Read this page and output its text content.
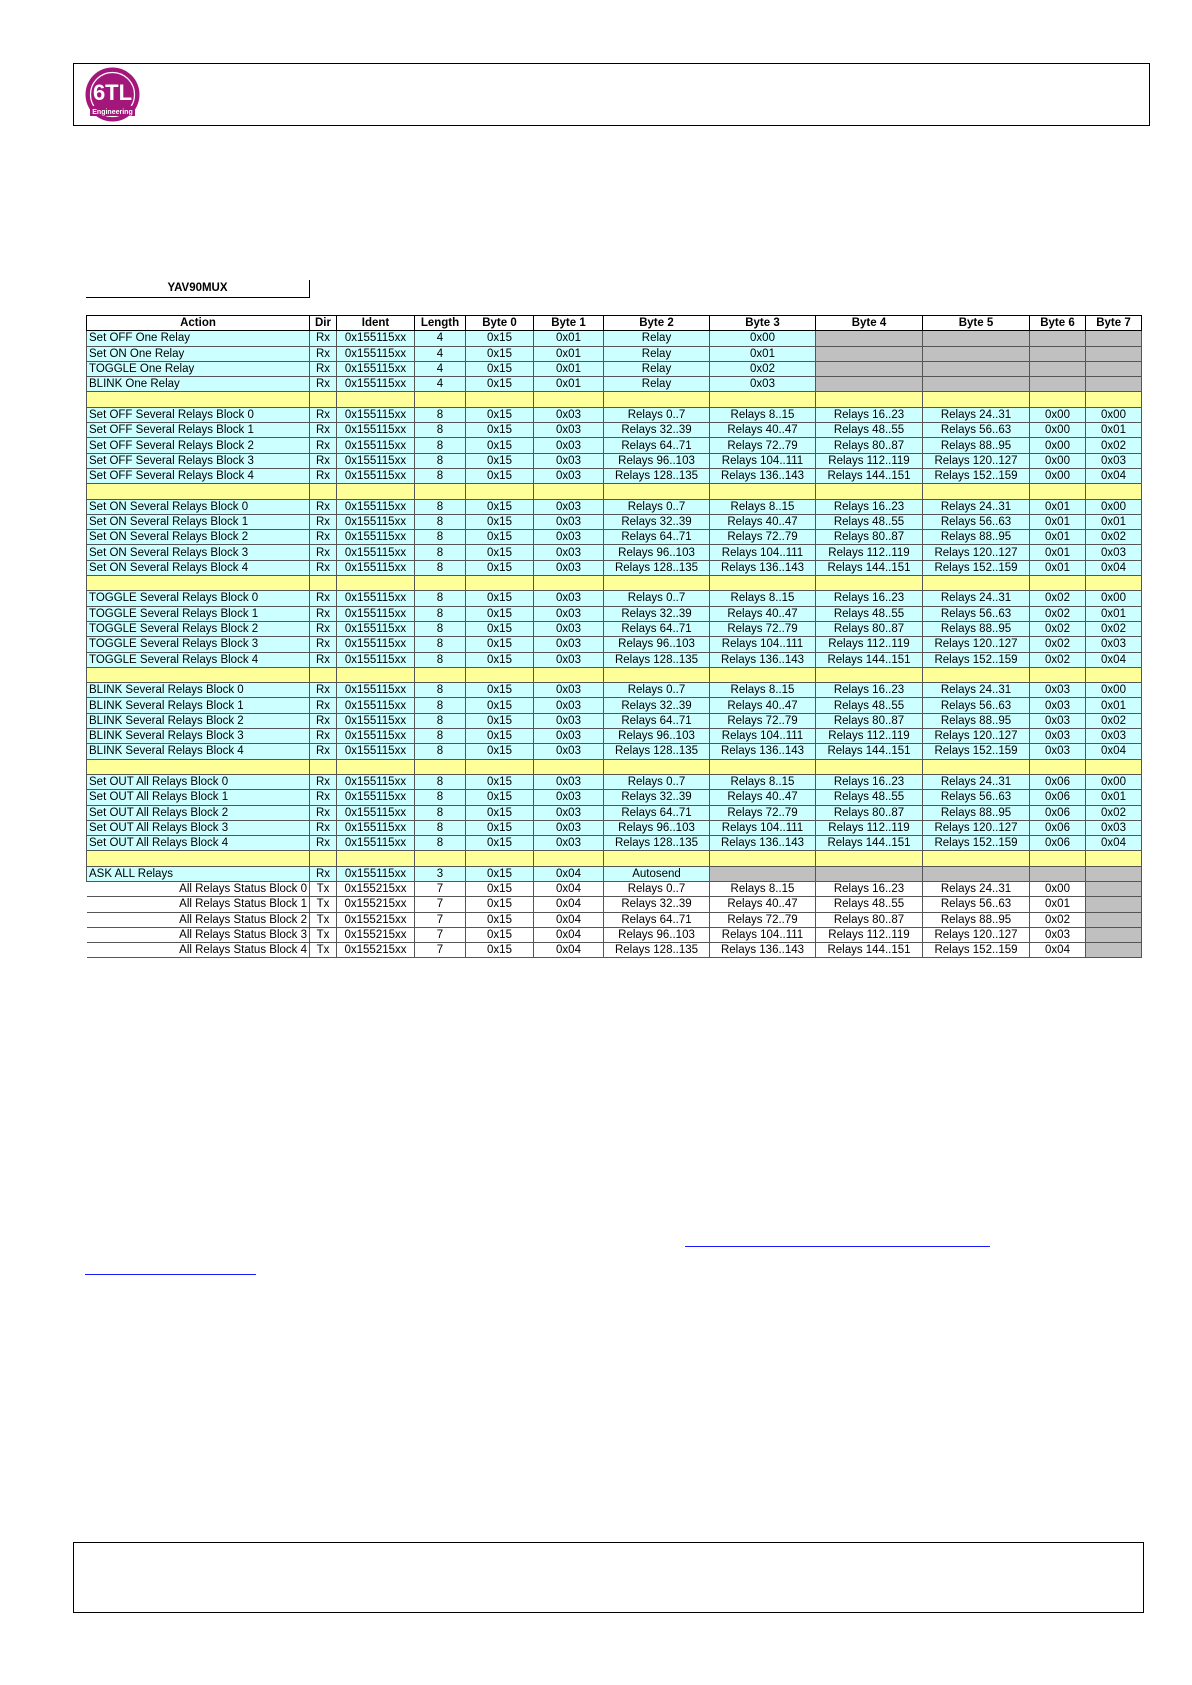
6TL
Engineering
YAV90MUX
Action	Dir	Ident	Length	Byte 0	Byte 1	Byte 2	Byte 3	Byte 4	Byte 5	Byte 6	Byte 7
Set OFF One Relay	Rx	0x155115xx	4	0x15	0x01	Relay	0x00				
Set ON One Relay	Rx	0x155115xx	4	0x15	0x01	Relay	0x01				
TOGGLE One Relay	Rx	0x155115xx	4	0x15	0x01	Relay	0x02				
BLINK One Relay	Rx	0x155115xx	4	0x15	0x01	Relay	0x03				

Set OFF Several Relays Block 0	Rx	0x155115xx	8	0x15	0x03	Relays 0..7	Relays 8..15	Relays 16..23	Relays 24..31	0x00	0x00
Set OFF Several Relays Block 1	Rx	0x155115xx	8	0x15	0x03	Relays 32..39	Relays 40..47	Relays 48..55	Relays 56..63	0x00	0x01
Set OFF Several Relays Block 2	Rx	0x155115xx	8	0x15	0x03	Relays 64..71	Relays 72..79	Relays 80..87	Relays 88..95	0x00	0x02
Set OFF Several Relays Block 3	Rx	0x155115xx	8	0x15	0x03	Relays 96..103	Relays 104..111	Relays 112..119	Relays 120..127	0x00	0x03
Set OFF Several Relays Block 4	Rx	0x155115xx	8	0x15	0x03	Relays 128..135	Relays 136..143	Relays 144..151	Relays 152..159	0x00	0x04

Set ON Several Relays Block 0	Rx	0x155115xx	8	0x15	0x03	Relays 0..7	Relays 8..15	Relays 16..23	Relays 24..31	0x01	0x00
Set ON Several Relays Block 1	Rx	0x155115xx	8	0x15	0x03	Relays 32..39	Relays 40..47	Relays 48..55	Relays 56..63	0x01	0x01
Set ON Several Relays Block 2	Rx	0x155115xx	8	0x15	0x03	Relays 64..71	Relays 72..79	Relays 80..87	Relays 88..95	0x01	0x02
Set ON Several Relays Block 3	Rx	0x155115xx	8	0x15	0x03	Relays 96..103	Relays 104..111	Relays 112..119	Relays 120..127	0x01	0x03
Set ON Several Relays Block 4	Rx	0x155115xx	8	0x15	0x03	Relays 128..135	Relays 136..143	Relays 144..151	Relays 152..159	0x01	0x04

TOGGLE Several Relays Block 0	Rx	0x155115xx	8	0x15	0x03	Relays 0..7	Relays 8..15	Relays 16..23	Relays 24..31	0x02	0x00
TOGGLE Several Relays Block 1	Rx	0x155115xx	8	0x15	0x03	Relays 32..39	Relays 40..47	Relays 48..55	Relays 56..63	0x02	0x01
TOGGLE Several Relays Block 2	Rx	0x155115xx	8	0x15	0x03	Relays 64..71	Relays 72..79	Relays 80..87	Relays 88..95	0x02	0x02
TOGGLE Several Relays Block 3	Rx	0x155115xx	8	0x15	0x03	Relays 96..103	Relays 104..111	Relays 112..119	Relays 120..127	0x02	0x03
TOGGLE Several Relays Block 4	Rx	0x155115xx	8	0x15	0x03	Relays 128..135	Relays 136..143	Relays 144..151	Relays 152..159	0x02	0x04

BLINK Several Relays Block 0	Rx	0x155115xx	8	0x15	0x03	Relays 0..7	Relays 8..15	Relays 16..23	Relays 24..31	0x03	0x00
BLINK Several Relays Block 1	Rx	0x155115xx	8	0x15	0x03	Relays 32..39	Relays 40..47	Relays 48..55	Relays 56..63	0x03	0x01
BLINK Several Relays Block 2	Rx	0x155115xx	8	0x15	0x03	Relays 64..71	Relays 72..79	Relays 80..87	Relays 88..95	0x03	0x02
BLINK Several Relays Block 3	Rx	0x155115xx	8	0x15	0x03	Relays 96..103	Relays 104..111	Relays 112..119	Relays 120..127	0x03	0x03
BLINK Several Relays Block 4	Rx	0x155115xx	8	0x15	0x03	Relays 128..135	Relays 136..143	Relays 144..151	Relays 152..159	0x03	0x04

Set OUT All Relays Block 0	Rx	0x155115xx	8	0x15	0x03	Relays 0..7	Relays 8..15	Relays 16..23	Relays 24..31	0x06	0x00
Set OUT All Relays Block 1	Rx	0x155115xx	8	0x15	0x03	Relays 32..39	Relays 40..47	Relays 48..55	Relays 56..63	0x06	0x01
Set OUT All Relays Block 2	Rx	0x155115xx	8	0x15	0x03	Relays 64..71	Relays 72..79	Relays 80..87	Relays 88..95	0x06	0x02
Set OUT All Relays Block 3	Rx	0x155115xx	8	0x15	0x03	Relays 96..103	Relays 104..111	Relays 112..119	Relays 120..127	0x06	0x03
Set OUT All Relays Block 4	Rx	0x155115xx	8	0x15	0x03	Relays 128..135	Relays 136..143	Relays 144..151	Relays 152..159	0x06	0x04

ASK ALL Relays	Rx	0x155115xx	3	0x15	0x04	Autosend					
All Relays Status Block 0	Tx	0x155215xx	7	0x15	0x04	Relays 0..7	Relays 8..15	Relays 16..23	Relays 24..31	0x00	
All Relays Status Block 1	Tx	0x155215xx	7	0x15	0x04	Relays 32..39	Relays 40..47	Relays 48..55	Relays 56..63	0x01	
All Relays Status Block 2	Tx	0x155215xx	7	0x15	0x04	Relays 64..71	Relays 72..79	Relays 80..87	Relays 88..95	0x02	
All Relays Status Block 3	Tx	0x155215xx	7	0x15	0x04	Relays 96..103	Relays 104..111	Relays 112..119	Relays 120..127	0x03	
All Relays Status Block 4	Tx	0x155215xx	7	0x15	0x04	Relays 128..135	Relays 136..143	Relays 144..151	Relays 152..159	0x04	
